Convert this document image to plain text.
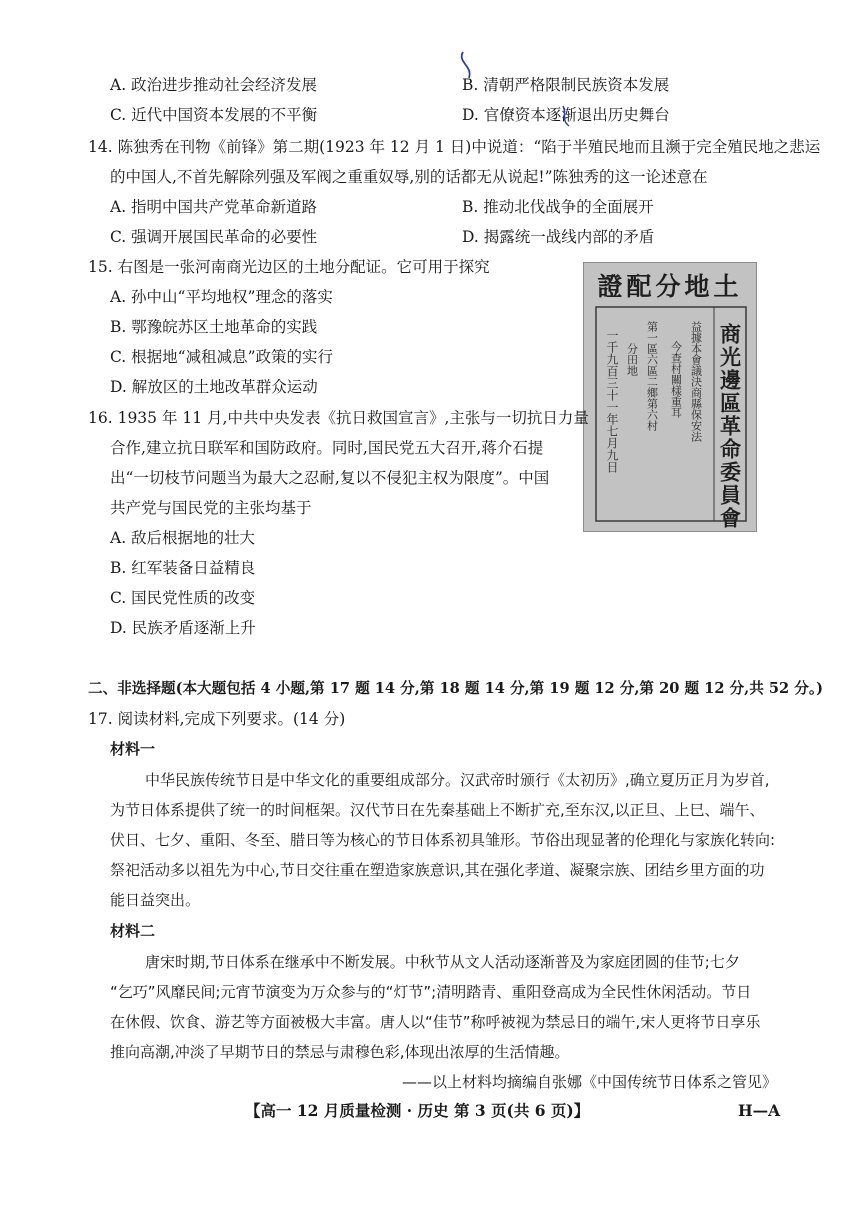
A. 政治进步推动社会经济发展	B. 清朝严格限制民族资本发展
C. 近代中国资本发展的不平衡	D. 官僚资本逐渐退出历史舞台
14. 陈独秀在刊物《前锋》第二期(1923 年 12 月 1 日)中说道：“陷于半殖民地而且濒于完全殖民地之悲运
的中国人,不首先解除列强及军阀之重重奴辱,别的话都无从说起!”陈独秀的这一论述意在
A. 指明中国共产党革命新道路	B. 推动北伐战争的全面展开
C. 强调开展国民革命的必要性	D. 揭露统一战线内部的矛盾
15. 右图是一张河南商光边区的土地分配证。它可用于探究
A. 孙中山“平均地权”理念的落实
B. 鄂豫皖苏区土地革命的实践
C. 根据地“减租减息”政策的实行
D. 解放区的土地改革群众运动
證配分地土
商光邊區革命委員會
益據本會議決商縣保安法
今查村關樣重耳
第一區六區二鄉第六村
分田地
一千九百三十一年七月九日
16. 1935 年 11 月,中共中央发表《抗日救国宣言》,主张与一切抗日力量
合作,建立抗日联军和国防政府。同时,国民党五大召开,蒋介石提
出“一切枝节问题当为最大之忍耐,复以不侵犯主权为限度”。中国
共产党与国民党的主张均基于
A. 敌后根据地的壮大
B. 红军装备日益精良
C. 国民党性质的改变
D. 民族矛盾逐渐上升
二、非选择题(本大题包括 4 小题,第 17 题 14 分,第 18 题 14 分,第 19 题 12 分,第 20 题 12 分,共 52 分。)
17. 阅读材料,完成下列要求。(14 分)
材料一
中华民族传统节日是中华文化的重要组成部分。汉武帝时颁行《太初历》,确立夏历正月为岁首,
为节日体系提供了统一的时间框架。汉代节日在先秦基础上不断扩充,至东汉,以正旦、上巳、端午、
伏日、七夕、重阳、冬至、腊日等为核心的节日体系初具雏形。节俗出现显著的伦理化与家族化转向:
祭祀活动多以祖先为中心,节日交往重在塑造家族意识,其在强化孝道、凝聚宗族、团结乡里方面的功
能日益突出。
材料二
唐宋时期,节日体系在继承中不断发展。中秋节从文人活动逐渐普及为家庭团圆的佳节;七夕
“乞巧”风靡民间;元宵节演变为万众参与的“灯节”;清明踏青、重阳登高成为全民性休闲活动。节日
在休假、饮食、游艺等方面被极大丰富。唐人以“佳节”称呼被视为禁忌日的端午,宋人更将节日享乐
推向高潮,冲淡了早期节日的禁忌与肃穆色彩,体现出浓厚的生活情趣。
——以上材料均摘编自张娜《中国传统节日体系之管见》
【高一 12 月质量检测 · 历史 第 3 页(共 6 页)】	H—A
